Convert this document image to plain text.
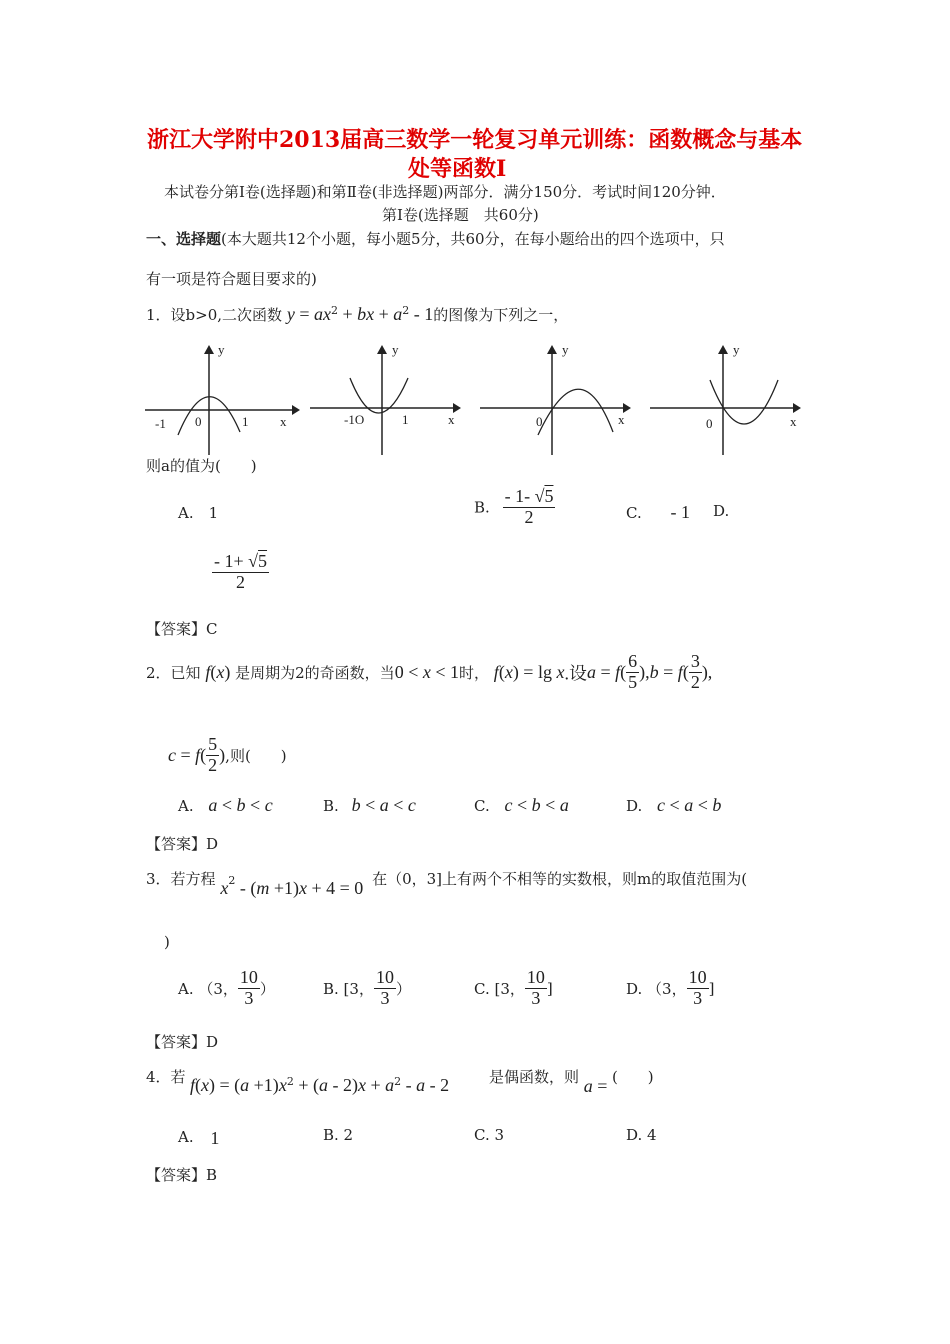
浙江大学附中2013届高三数学一轮复习单元训练：函数概念与基本
处等函数Ⅰ
本试卷分第Ⅰ卷(选择题)和第Ⅱ卷(非选择题)两部分．满分150分．考试时间120分钟．
第Ⅰ卷(选择题　共60分)
一、选择题(本大题共12个小题，每小题5分，共60分，在每小题给出的四个选项中，只
有一项是符合题目要求的)
1．设b>0,二次函数 $y = ax^2$ + bx + $a^2 - 1$的图像为下列之一，
y
x
-1 0	1
y
x
-1O	1
y
x
0
y
x
0
则a的值为(　　)
A.　1	B. $\frac{- 1- √5}{2}$	C. - 1 D.
$\frac{- 1+ √5}{2}$
【答案】C
2．已知 f(x) 是周期为2的奇函数，当0 < x < 1时， f(x) = lg x.设$a = f( \frac{6}{5} ),b = f( \frac{3}{2}$ ),
$c = f( \frac{5}{2}$ ),则(　　)
A. a < b < c	B. b < a < c	C. c < b < a	D. c < a < b
【答案】D
3．若方程 $x^2 - (m +1)x + 4 = 0$ 在（0，3]上有两个不相等的实数根，则m的取值范围为(
)
A. （3， $\frac{10}{3}$ ）	B. [3， $\frac{10}{3}$ ）	C. [3， $\frac{10}{3}$ ]	D. （3， $\frac{10}{3}$ ]
【答案】D
4．若 $f(x) = (a +1)x^2 + (a - 2)x + a^2 - a - 2$	是偶函数，则 a = (　　)
A. 1	B. 2	C. 3	D. 4
【答案】B
